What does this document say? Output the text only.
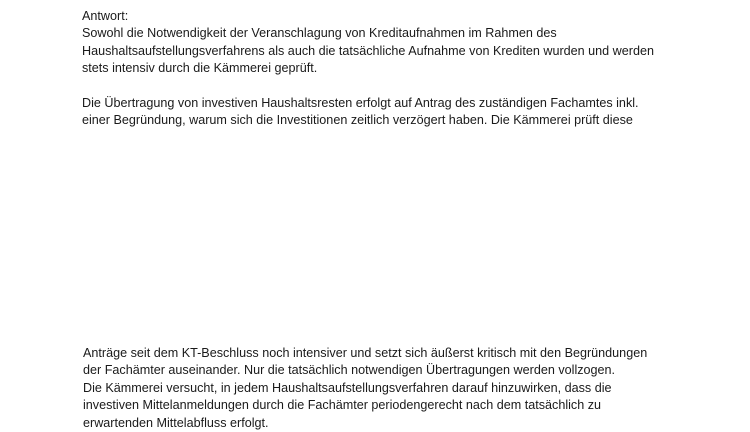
Antwort:
Sowohl die Notwendigkeit der Veranschlagung von Kreditaufnahmen im Rahmen des
Haushaltsaufstellungsverfahrens als auch die tatsächliche Aufnahme von Krediten wurden und werden
stets intensiv durch die Kämmerei geprüft.
Die Übertragung von investiven Haushaltsresten erfolgt auf Antrag des zuständigen Fachamtes inkl.
einer Begründung, warum sich die Investitionen zeitlich verzögert haben. Die Kämmerei prüft diese
Anträge seit dem KT-Beschluss noch intensiver und setzt sich äußerst kritisch mit den Begründungen
der Fachämter auseinander. Nur die tatsächlich notwendigen Übertragungen werden vollzogen.
Die Kämmerei versucht, in jedem Haushaltsaufstellungsverfahren darauf hinzuwirken, dass die
investiven Mittelanmeldungen durch die Fachämter periodengerecht nach dem tatsächlich zu
erwartenden Mittelabfluss erfolgt.
